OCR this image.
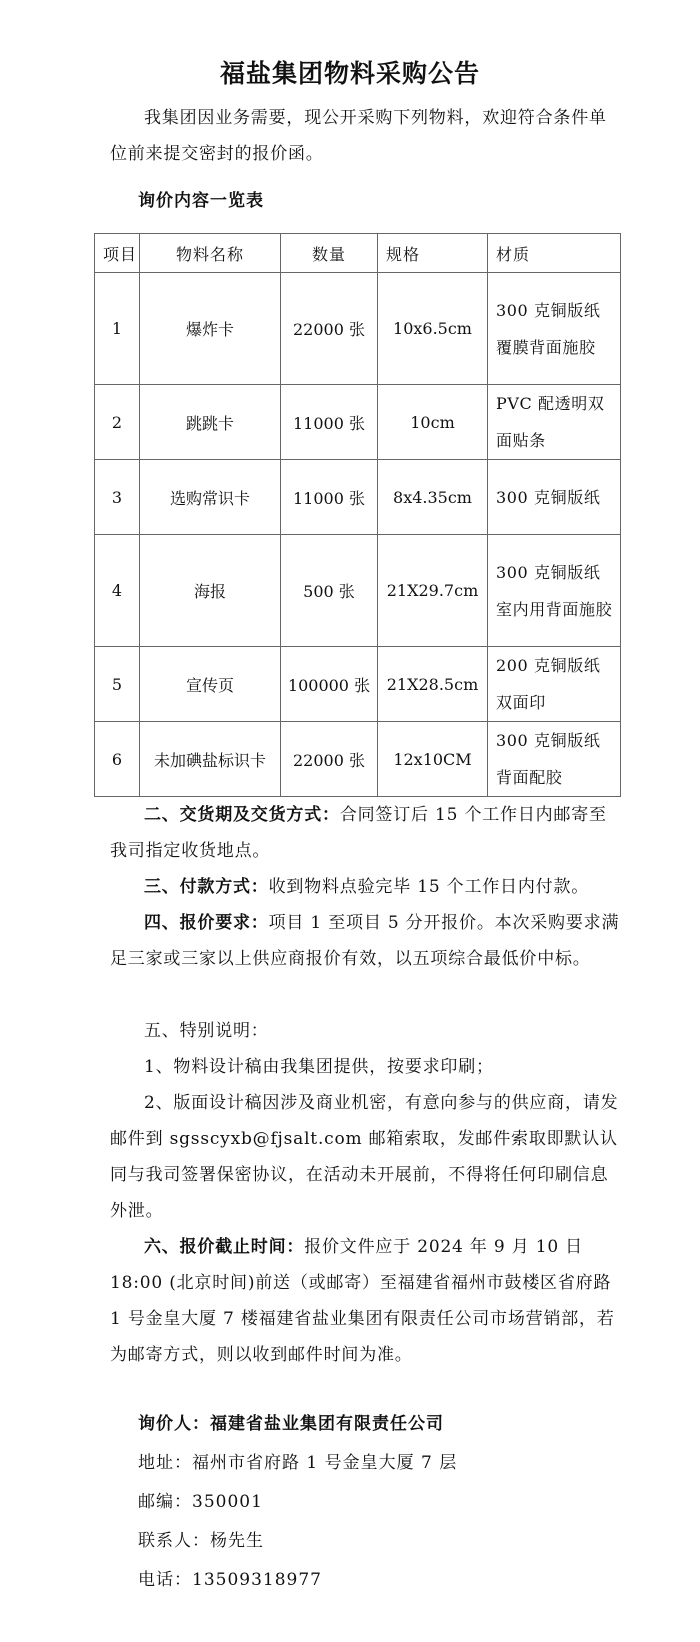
福盐集团物料采购公告
我集团因业务需要，现公开采购下列物料，欢迎符合条件单位前来提交密封的报价函。
询价内容一览表
项目	物料名称	数量	规格	材质
1	爆炸卡	22000 张	10x6.5cm	300 克铜版纸覆膜背面施胶
2	跳跳卡	11000 张	10cm	PVC 配透明双面贴条
3	选购常识卡	11000 张	8x4.35cm	300 克铜版纸
4	海报	500 张	21X29.7cm	300 克铜版纸室内用背面施胶
5	宣传页	100000 张	21X28.5cm	200 克铜版纸双面印
6	未加碘盐标识卡	22000 张	12x10CM	300 克铜版纸背面配胶
二、交货期及交货方式：合同签订后 15 个工作日内邮寄至我司指定收货地点。
三、付款方式：收到物料点验完毕 15 个工作日内付款。
四、报价要求：项目 1 至项目 5 分开报价。本次采购要求满足三家或三家以上供应商报价有效，以五项综合最低价中标。
五、特别说明：
1、物料设计稿由我集团提供，按要求印刷；
2、版面设计稿因涉及商业机密，有意向参与的供应商，请发邮件到 sgsscyxb@fjsalt.com 邮箱索取，发邮件索取即默认认同与我司签署保密协议，在活动未开展前，不得将任何印刷信息外泄。
六、报价截止时间：报价文件应于 2024 年 9 月 10 日 18:00 (北京时间)前送（或邮寄）至福建省福州市鼓楼区省府路 1 号金皇大厦 7 楼福建省盐业集团有限责任公司市场营销部，若为邮寄方式，则以收到邮件时间为准。
询价人：福建省盐业集团有限责任公司
地址：福州市省府路 1 号金皇大厦 7 层
邮编：350001
联系人：杨先生
电话：13509318977
